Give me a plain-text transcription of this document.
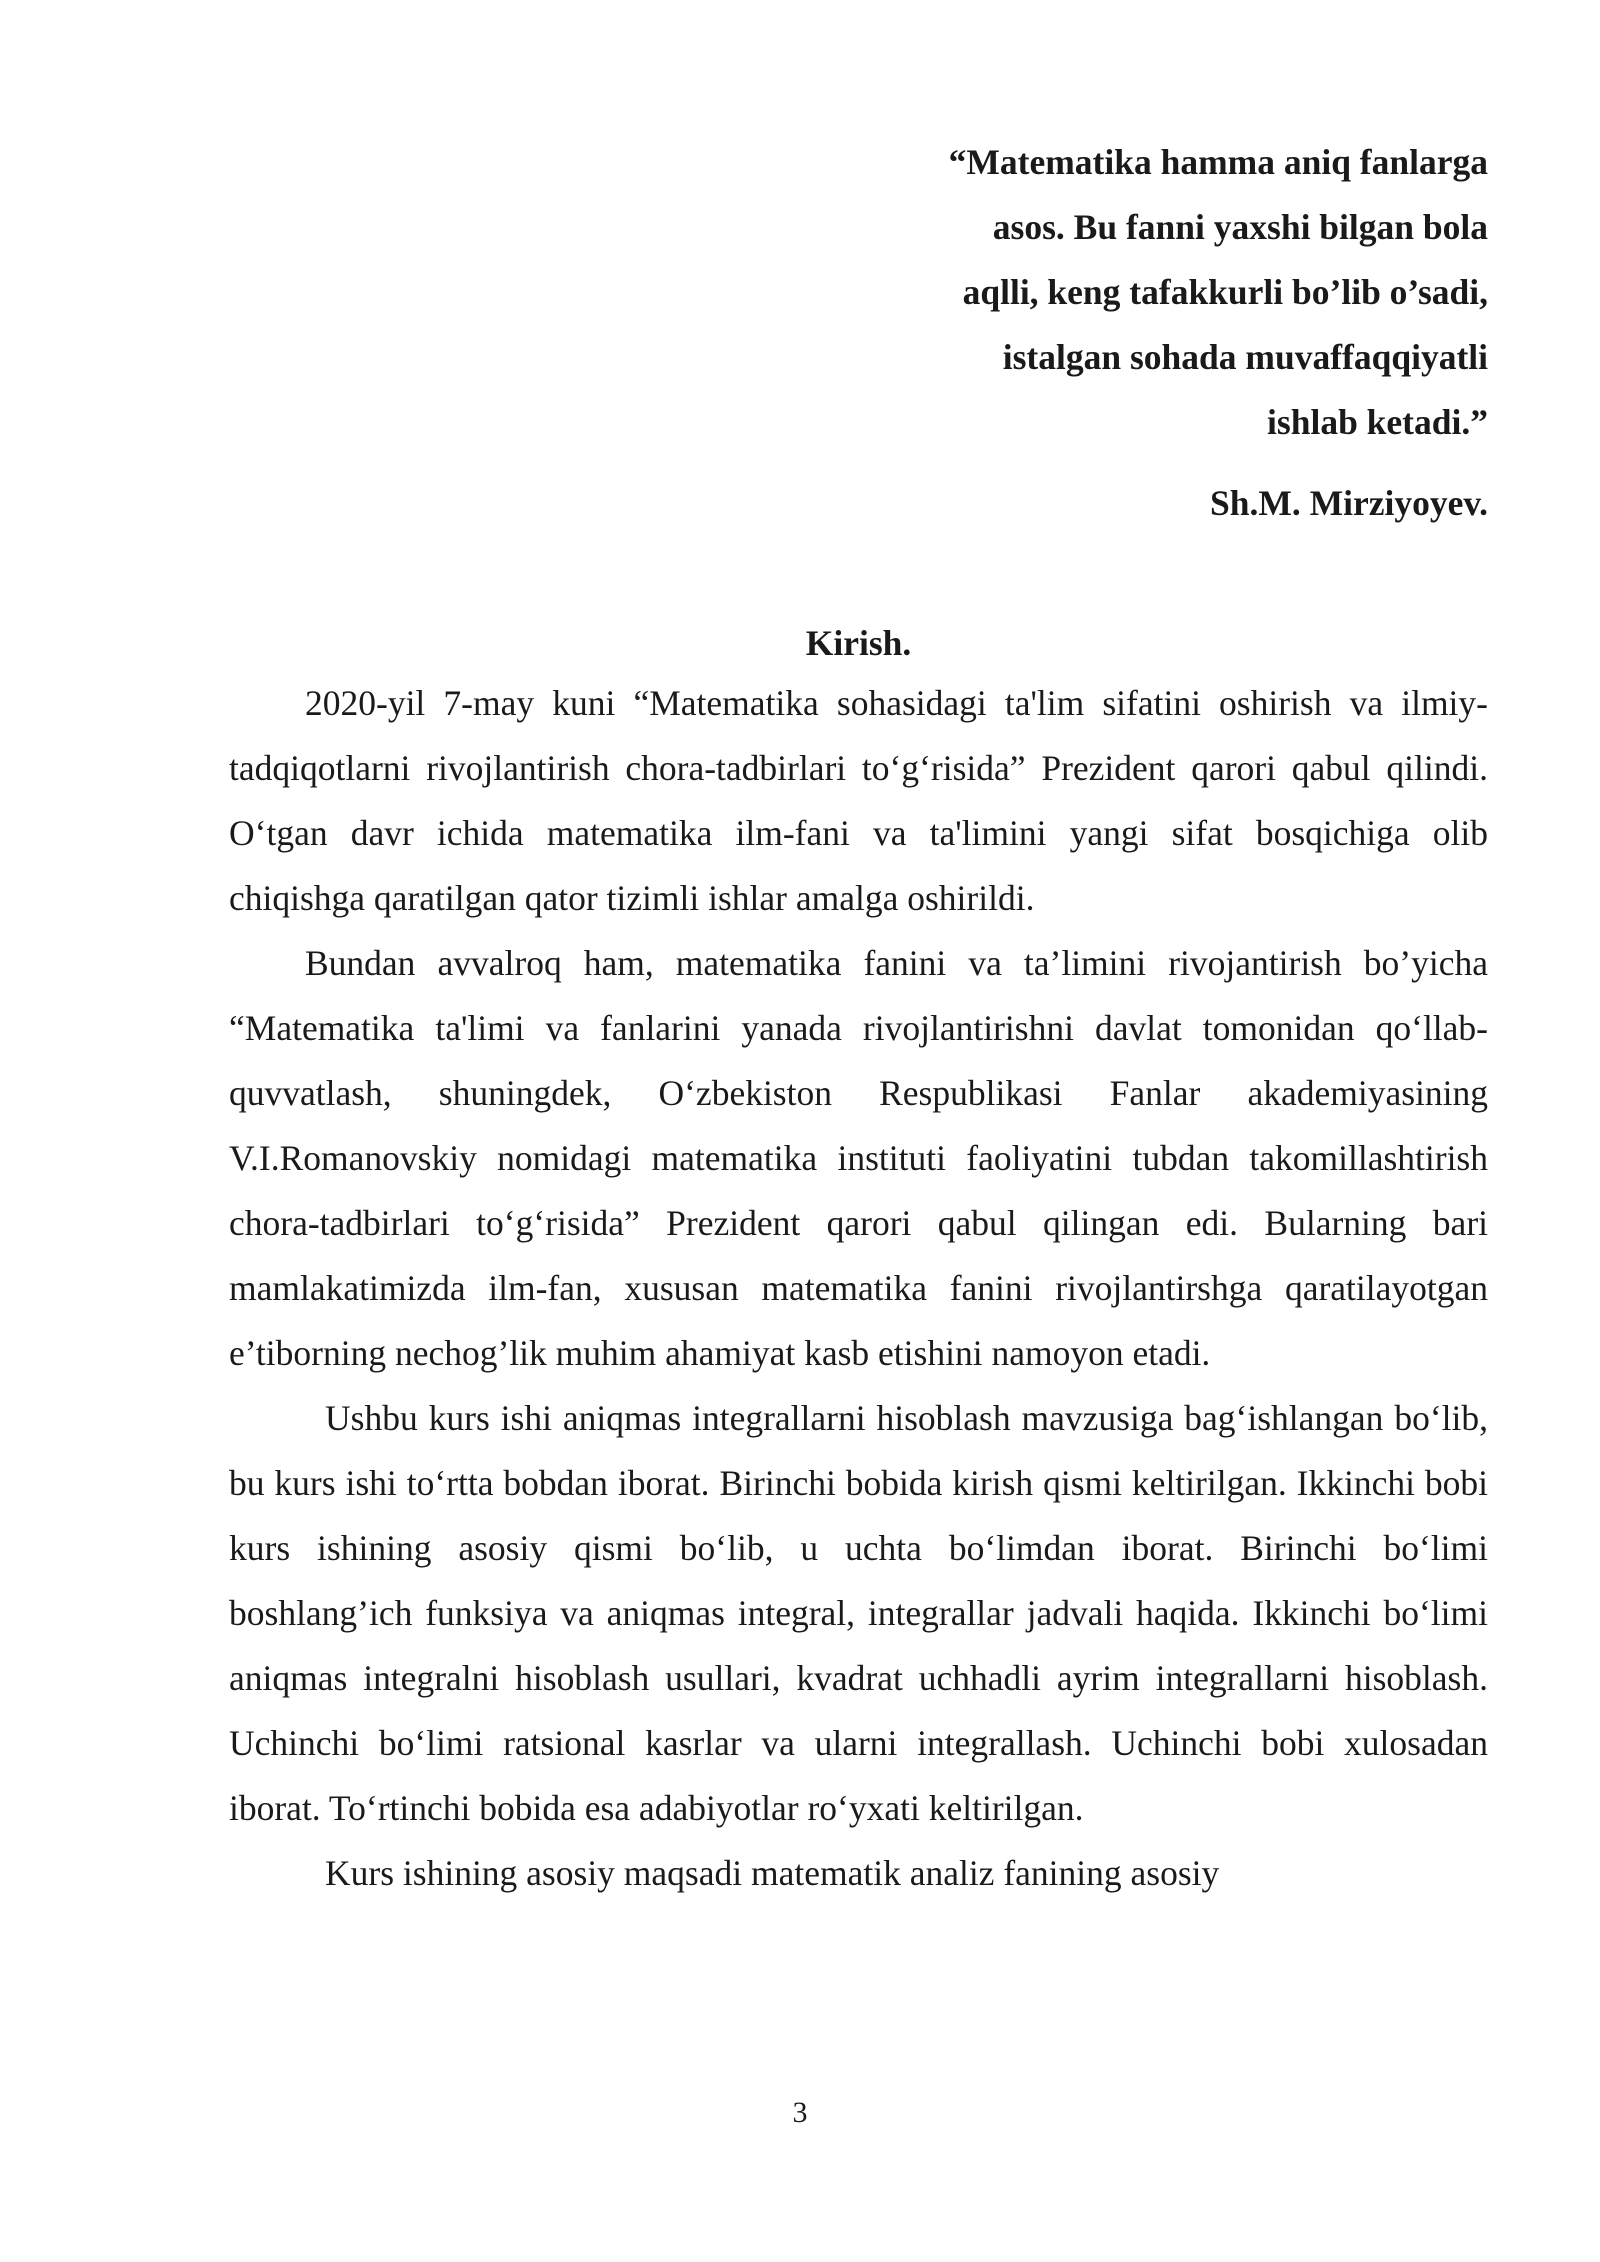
“Matematika hamma aniq fanlarga
asos. Bu fanni yaxshi bilgan bola
aqlli, keng tafakkurli bo’lib o’sadi,
istalgan sohada muvaffaqqiyatli
ishlab ketadi.”
Sh.M. Mirziyoyev.
Kirish.

2020-yil 7-may kuni “Matematika sohasidagi ta'lim sifatini oshirish va ilmiy-tadqiqotlarni rivojlantirish chora-tadbirlari to‘g‘risida” Prezident qarori qabul qilindi. O‘tgan davr ichida matematika ilm-fani va ta'limini yangi sifat bosqichiga olib chiqishga qaratilgan qator tizimli ishlar amalga oshirildi.

Bundan avvalroq ham, matematika fanini va ta’limini rivojantirish bo’yicha “Matematika ta'limi va fanlarini yanada rivojlantirishni davlat tomonidan qo‘llab-quvvatlash, shuningdek, O‘zbekiston Respublikasi Fanlar akademiyasining V.I.Romanovskiy nomidagi matematika instituti faoliyatini tubdan takomillashtirish chora-tadbirlari to‘g‘risida” Prezident qarori qabul qilingan edi. Bularning bari mamlakatimizda ilm-fan, xususan matematika fanini rivojlantirshga qaratilayotgan e’tiborning nechog’lik muhim ahamiyat kasb etishini namoyon etadi.

Ushbu kurs ishi aniqmas integrallarni hisoblash mavzusiga bag‘ishlangan bo‘lib, bu kurs ishi to‘rtta bobdan iborat. Birinchi bobida kirish qismi keltirilgan. Ikkinchi bobi kurs ishining asosiy qismi bo‘lib, u uchta bo‘limdan iborat. Birinchi bo‘limi boshlang’ich funksiya va aniqmas integral, integrallar jadvali haqida. Ikkinchi bo‘limi aniqmas integralni hisoblash usullari, kvadrat uchhadli ayrim integrallarni hisoblash. Uchinchi bo‘limi ratsional kasrlar va ularni integrallash. Uchinchi bobi xulosadan iborat. To‘rtinchi bobida esa adabiyotlar ro‘yxati keltirilgan.

Kurs ishining asosiy maqsadi matematik analiz fanining asosiy

3
